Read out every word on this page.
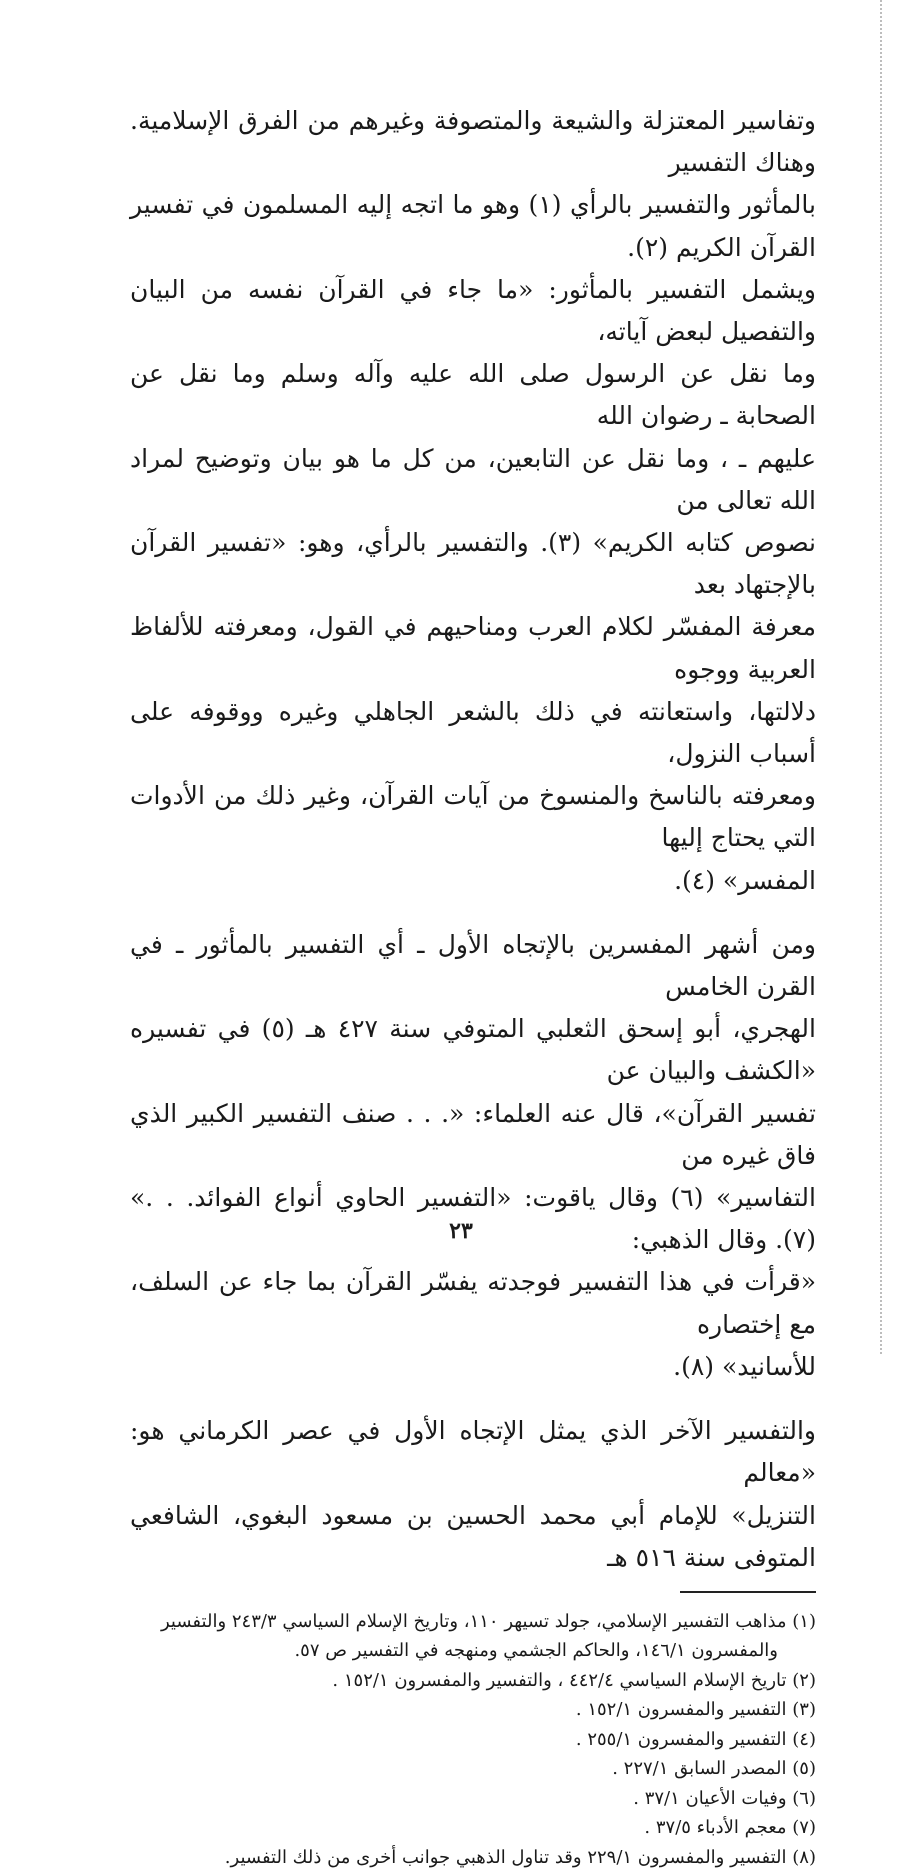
وتفاسير المعتزلة والشيعة والمتصوفة وغيرهم من الفرق الإسلامية. وهناك التفسير

بالمأثور والتفسير بالرأي (١) وهو ما اتجه إليه المسلمون في تفسير القرآن الكريم (٢).

ويشمل التفسير بالمأثور: «ما جاء في القرآن نفسه من البيان والتفصيل لبعض آياته،

وما نقل عن الرسول صلى الله عليه وآله وسلم وما نقل عن الصحابة ـ رضوان الله

عليهم ـ ، وما نقل عن التابعين، من كل ما هو بيان وتوضيح لمراد الله تعالى من

نصوص كتابه الكريم» (٣). والتفسير بالرأي، وهو: «تفسير القرآن بالإجتهاد بعد

معرفة المفسّر لكلام العرب ومناحيهم في القول، ومعرفته للألفاظ العربية ووجوه

دلالتها، واستعانته في ذلك بالشعر الجاهلي وغيره ووقوفه على أسباب النزول،

ومعرفته بالناسخ والمنسوخ من آيات القرآن، وغير ذلك من الأدوات التي يحتاج إليها

المفسر» (٤).

ومن أشهر المفسرين بالإتجاه الأول ـ أي التفسير بالمأثور ـ في القرن الخامس

الهجري، أبو إسحق الثعلبي المتوفي سنة ٤٢٧ هـ (٥) في تفسيره «الكشف والبيان عن

تفسير القرآن»، قال عنه العلماء: «. . . صنف التفسير الكبير الذي فاق غيره من

التفاسير» (٦) وقال ياقوت: «التفسير الحاوي أنواع الفوائد. . .» (٧). وقال الذهبي:

«قرأت في هذا التفسير فوجدته يفسّر القرآن بما جاء عن السلف، مع إختصاره

للأسانيد» (٨).

والتفسير الآخر الذي يمثل الإتجاه الأول في عصر الكرماني هو: «معالم

التنزيل» للإمام أبي محمد الحسين بن مسعود البغوي، الشافعي المتوفى سنة ٥١٦ هـ

(١) مذاهب التفسير الإسلامي، جولد تسيهر ١١٠، وتاريخ الإسلام السياسي ٢٤٣/٣ والتفسير
والمفسرون ١٤٦/١، والحاكم الجشمي ومنهجه في التفسير ص ٥٧.
(٢) تاريخ الإسلام السياسي ٤٤٢/٤ ، والتفسير والمفسرون ١٥٢/١ .
(٣) التفسير والمفسرون ١٥٢/١ .
(٤) التفسير والمفسرون ٢٥٥/١ .
(٥) المصدر السابق ٢٢٧/١ .
(٦) وفيات الأعيان ٣٧/١ .
(٧) معجم الأدباء ٣٧/٥ .
(٨) التفسير والمفسرون ٢٢٩/١ وقد تناول الذهبي جوانب أخرى من ذلك التفسير.
٢٣
